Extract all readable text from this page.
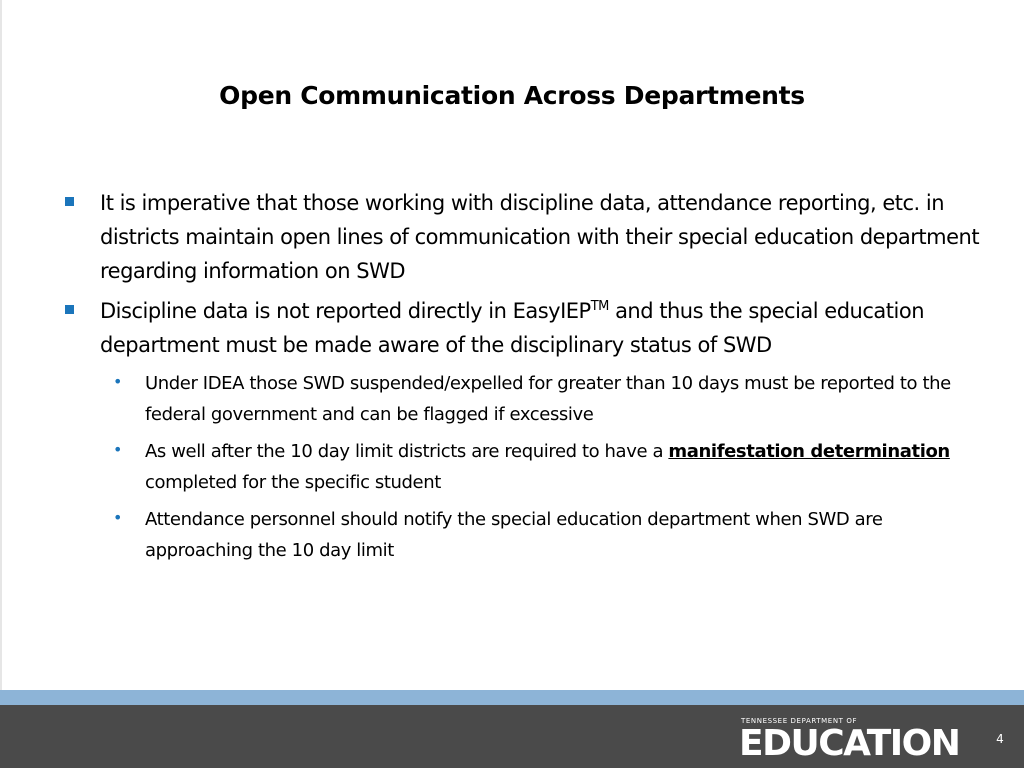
Open Communication Across Departments
It is imperative that those working with discipline data, attendance reporting, etc. in districts maintain open lines of communication with their special education department regarding information on SWD
Discipline data is not reported directly in EasyIEP™ and thus the special education department must be made aware of the disciplinary status of SWD
• Under IDEA those SWD suspended/expelled for greater than 10 days must be reported to the federal government and can be flagged if excessive
• As well after the 10 day limit districts are required to have a manifestation determination completed for the specific student
• Attendance personnel should notify the special education department when SWD are approaching the 10 day limit
TENNESSEE DEPARTMENT OF
EDUCATION	4
